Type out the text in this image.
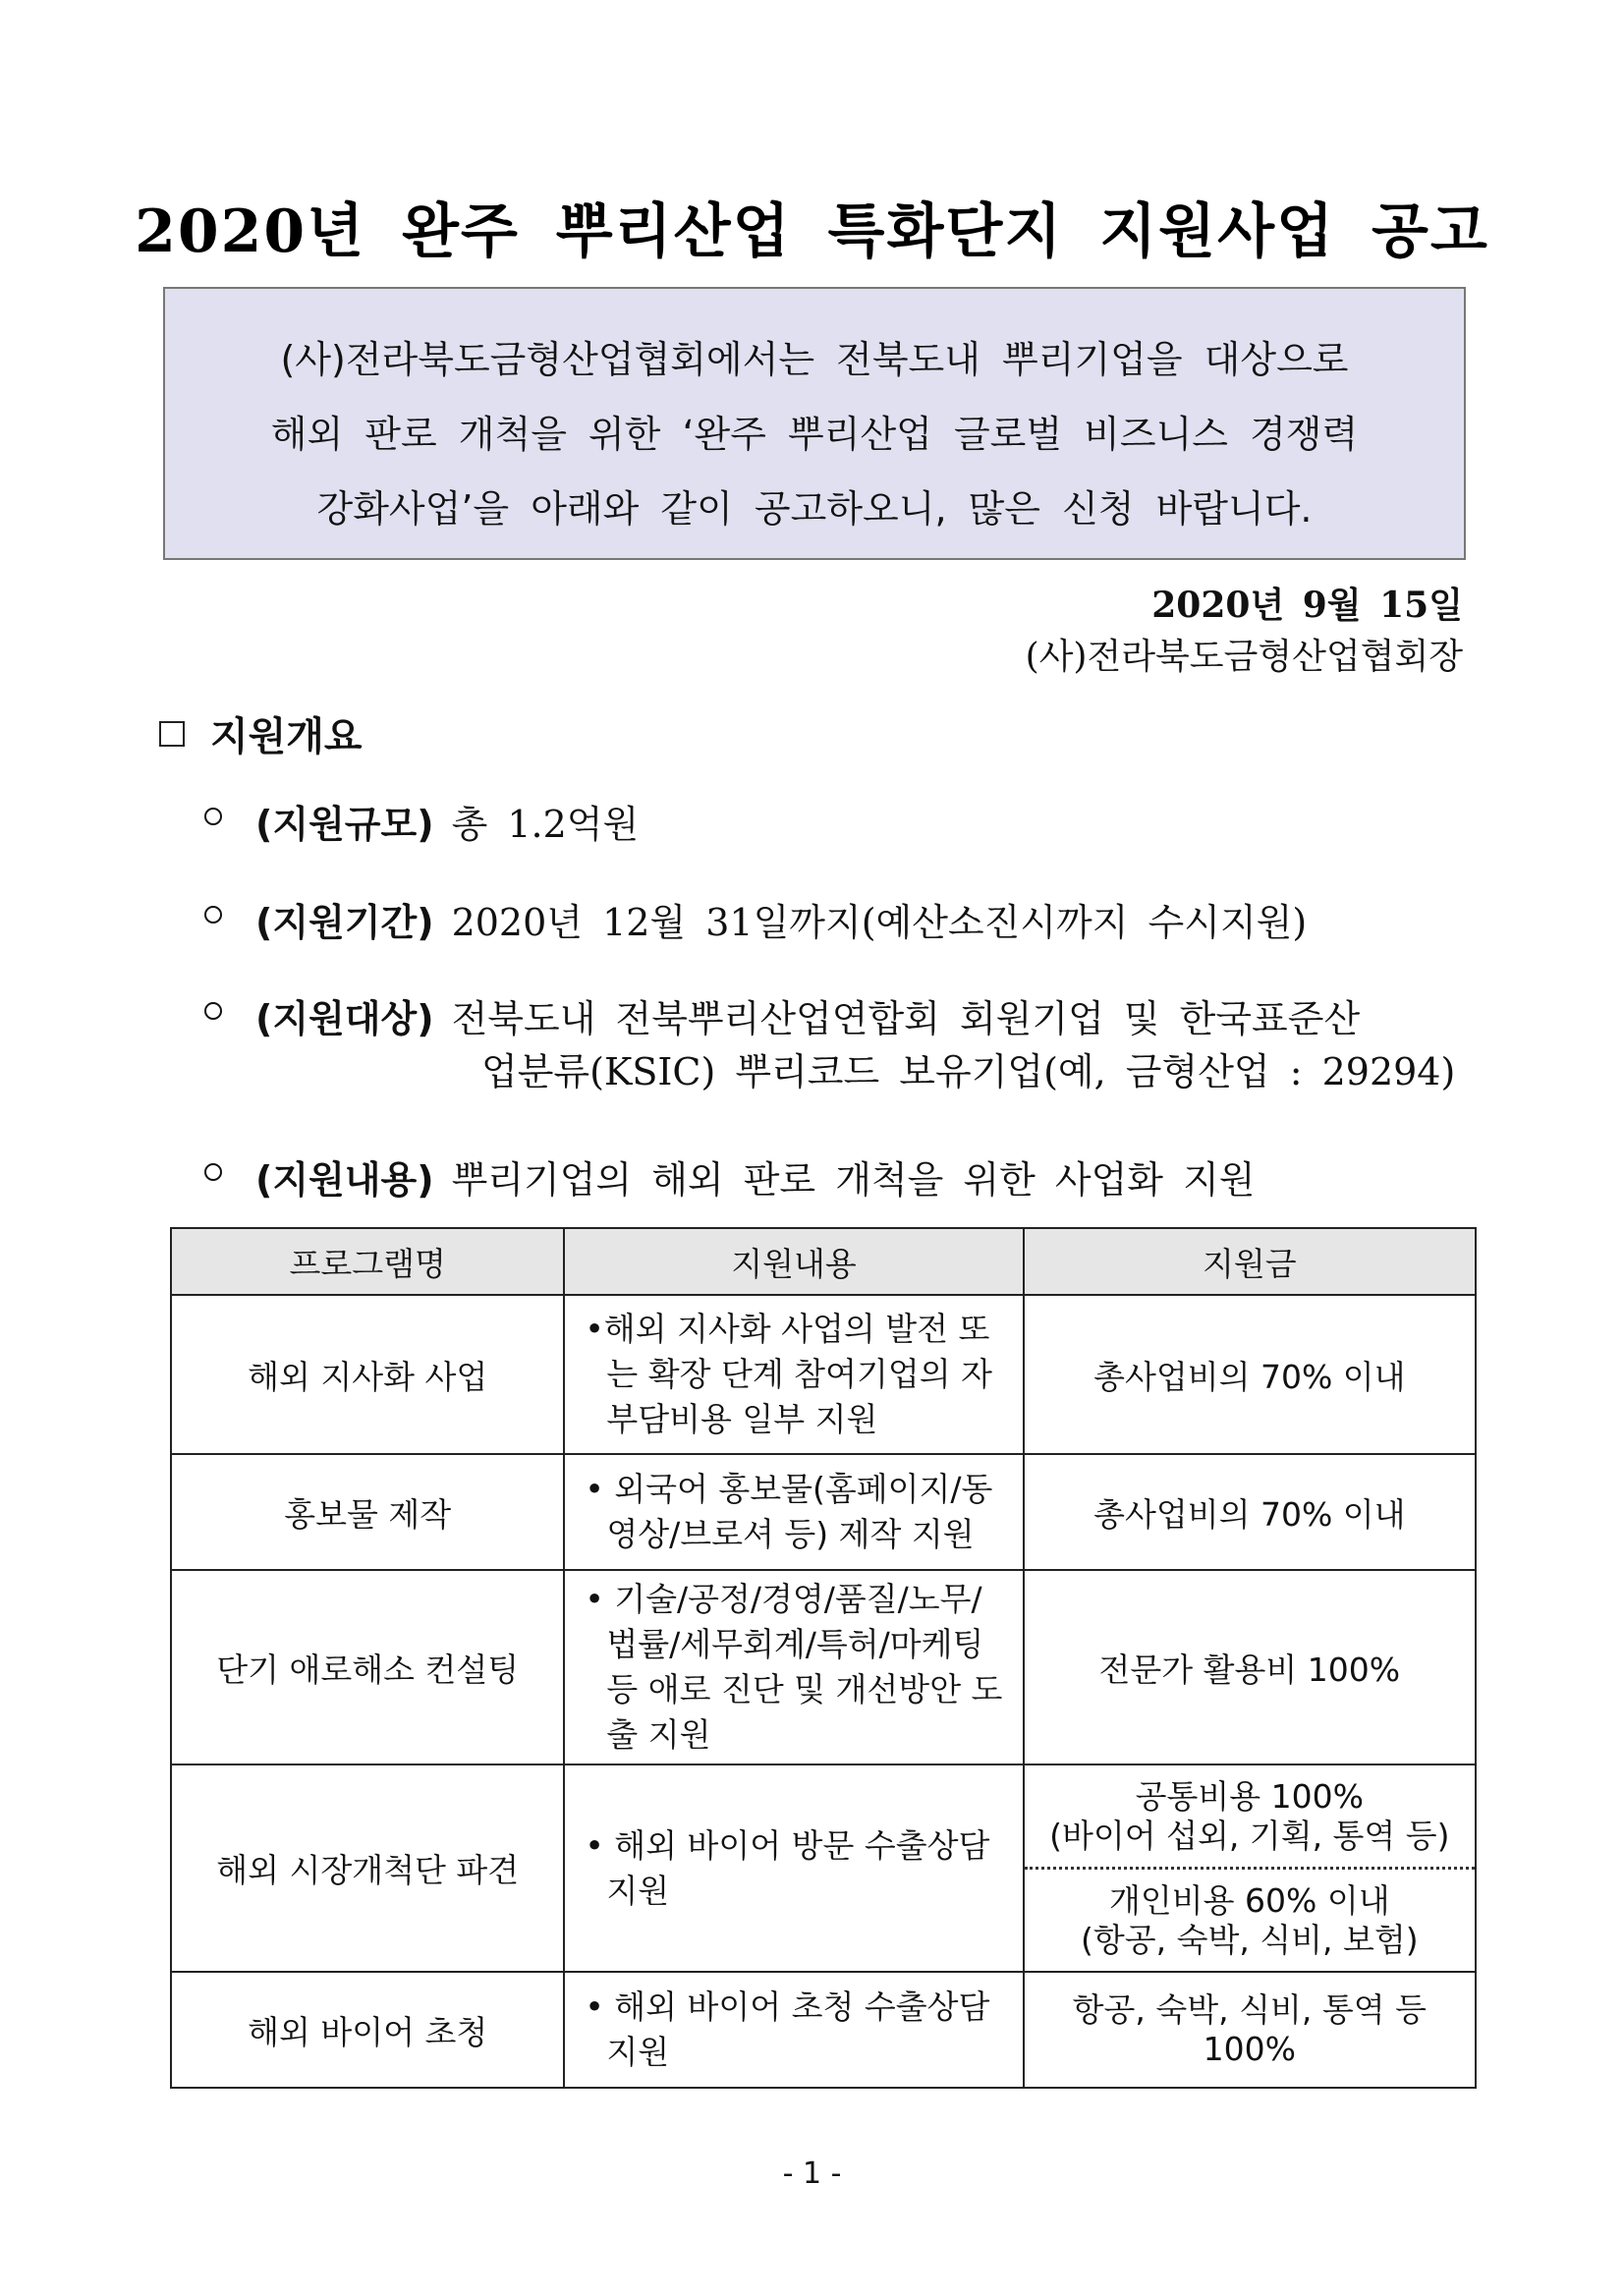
2020년 완주 뿌리산업 특화단지 지원사업 공고
(사)전라북도금형산업협회에서는 전북도내 뿌리기업을 대상으로
해외 판로 개척을 위한 ‘완주 뿌리산업 글로벌 비즈니스 경쟁력
강화사업’을 아래와 같이 공고하오니, 많은 신청 바랍니다.
2020년 9월 15일
(사)전라북도금형산업협회장
지원개요
(지원규모) 총 1.2억원
(지원기간) 2020년 12월 31일까지(예산소진시까지 수시지원)
(지원대상) 전북도내 전북뿌리산업연합회 회원기업 및 한국표준산
업분류(KSIC) 뿌리코드 보유기업(예, 금형산업 : 29294)
(지원내용) 뿌리기업의 해외 판로 개척을 위한 사업화 지원
프로그램명	지원내용	지원금
해외 지사화 사업	•해외 지사화 사업의 발전 또는 확장 단계 참여기업의 자부담비용 일부 지원	총사업비의 70% 이내
홍보물 제작	• 외국어 홍보물(홈페이지/동영상/브로셔 등) 제작 지원	총사업비의 70% 이내
단기 애로해소 컨설팅	• 기술/공정/경영/품질/노무/법률/세무회계/특허/마케팅 등 애로 진단 및 개선방안 도출 지원	전문가 활용비 100%
해외 시장개척단 파견	• 해외 바이어 방문 수출상담 지원	공통비용 100%
(바이어 섭외, 기획, 통역 등)
개인비용 60% 이내
(항공, 숙박, 식비, 보험)

해외 바이어 초청	• 해외 바이어 초청 수출상담 지원	항공, 숙박, 식비, 통역 등
100%
- 1 -
